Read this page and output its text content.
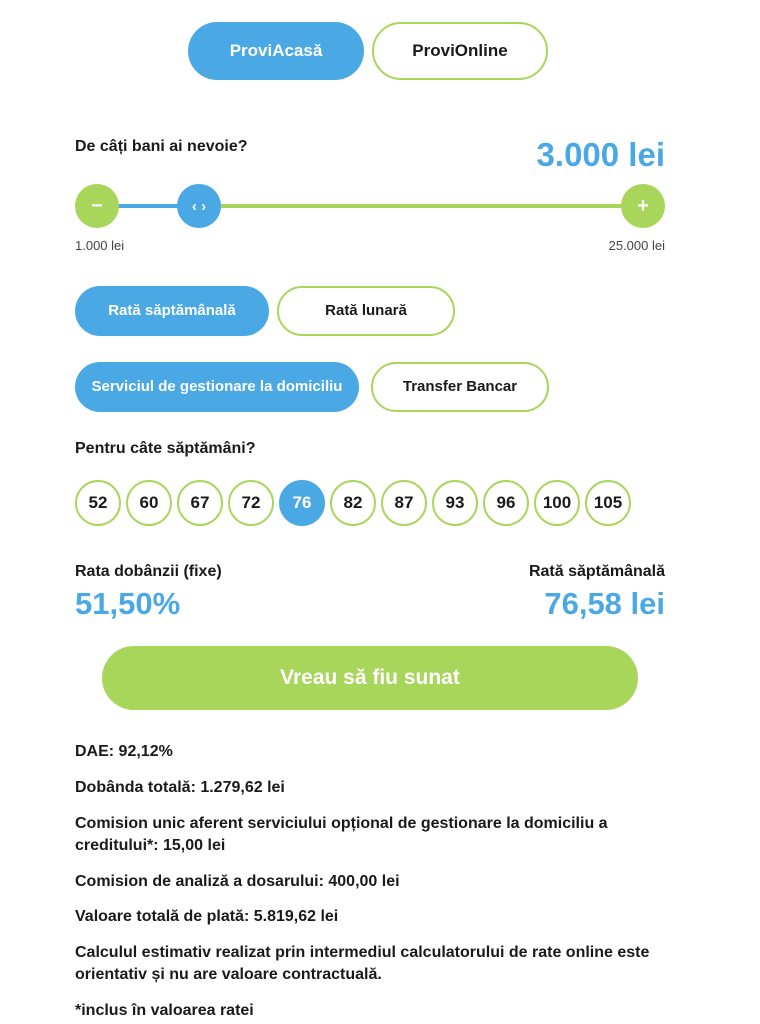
ProviAcasă	ProviOnline
De câți bani ai nevoie?	3.000 lei
−	‹ ›	+
1.000 lei	25.000 lei
Rată săptămânală	Rată lunară
Serviciul de gestionare la domiciliu	Transfer Bancar
Pentru câte săptămâni?
52	60	67	72	76	82	87	93	96	100	105
Rata dobânzii (fixe)
51,50%
Rată săptămânală
76,58 lei
Vreau să fiu sunat
DAE: 92,12%
Dobânda totală: 1.279,62 lei
Comision unic aferent serviciului opțional de gestionare la domiciliu a creditului*: 15,00 lei
Comision de analiză a dosarului: 400,00 lei
Valoare totală de plată: 5.819,62 lei
Calculul estimativ realizat prin intermediul calculatorului de rate online este orientativ și nu are valoare contractuală.
*inclus în valoarea ratei
